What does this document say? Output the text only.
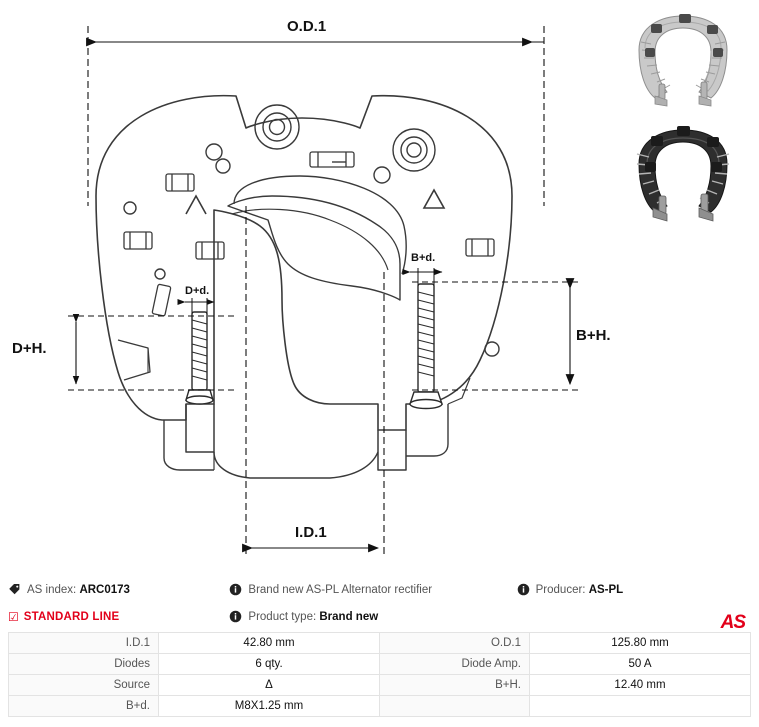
O.D.1
I.D.1
B+H.
D+H.
B+d.
D+d.
AS index:
ARC0173	Brand new AS-PL Alternator rectifier	Producer:
AS-PL
☑ STANDARD LINE	Product type:
Brand new	AS
I.D.1	42.80 mm	O.D.1	125.80 mm
Diodes	6 qty.	Diode Amp.	50 A
Source	Δ	B+H.	12.40 mm
B+d.	M8X1.25 mm		
